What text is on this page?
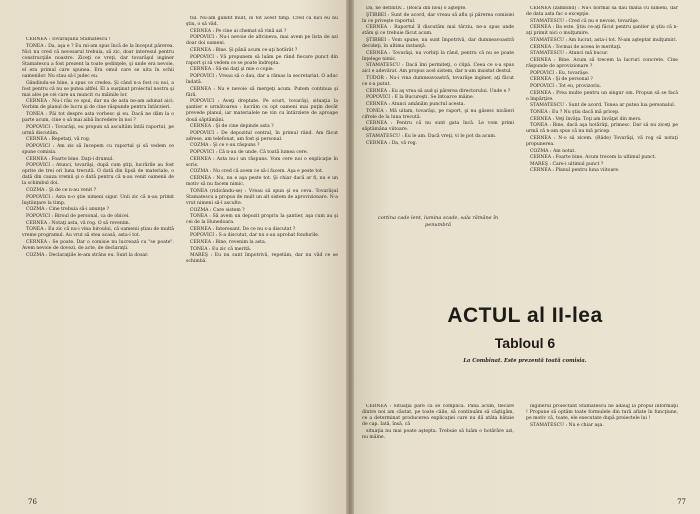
CERNEA : Tovarăşului Stamatescu !

TONEA : Da, aşa e ? Eu mi-am spus încă de la început părerea. Nici nu cred că necesarul trebuia, să zic, doar interesul pentru construcţiile noastre. Ziceţi ce vreţi, dar tovarăşul inginer Stamatescu a fost prezent la toate şedinţele, şi unde era nevoie, el era primul care spunea. Era omul care se uita în ochii oamenilor. Nu stau să-l judec eu.

Gândindu-se bine, a spus ce credea. Şi când n-a fost cu noi, a fost pentru că nu se putea altfel. El a susţinut proiectul nostru şi mai ales pe cei care au muncit cu mâinile lor.

CERNEA : Nu-i rău ce spui, dar nu de asta ne-am adunat aici. Vorbim de planul de lucru şi de cine răspunde pentru întârzieri.

TONEA : Păi tot despre asta vorbesc şi eu. Dacă ne dăm la o parte acum, cine o să mai aibă încredere în noi ?

POPOVICI : Tovarăşi, eu propun să ascultăm întâi raportul, pe urmă discutăm.

CERNEA : Repetaţi, vă rog.

POPOVICI : Am zis să începem cu raportul şi să vedem ce spune comisia.

CERNEA : Foarte bine. Daţi-i drumul.

POPOVICI : Atunci, tovarăşi, după cum ştiţi, lucrările au fost oprite de trei ori luna trecută. O dată din lipsă de materiale, o dată din cauza vremii şi o dată pentru că n-au venit oamenii de la schimbul doi.

COZMA : Şi de ce n-au venit ?

POPOVICI : Asta n-o ştie nimeni sigur. Unii zic că n-au primit înştiinţare la timp.

COZMA : Cine trebuia să-i anunţe ?

POPOVICI : Biroul de personal, ca de obicei.

CERNEA : Notaţi asta, vă rog. O să revenim.

TONEA : Eu zic că nu-i vina biroului, că oamenii ştiau de multă vreme programul. Au vrut să stea acasă, asta-i tot.

CERNEA : Se poate. Dar o comisie nu lucrează cu "se poate". Avem nevoie de dovezi, de acte, de declaraţii.

COZMA : Declaraţiile le-am strâns eu. Sunt la dosar.

tul. Nu-am gândit mult, în tot acest timp. Cred că nici eu nu ştiu, o să văd.

CERNEA : Pe cine ai chemat să vină azi ?

POPOVICI : Nu-i nevoie de altcineva, mai avem pe lista de azi doar doi oameni.

CERNEA : Bine. Şi până acum ce-aţi hotărât ?

POPOVICI : Vă propunem să luăm pe rând fiecare punct din raport şi să vedem ce se poate îndrepta.

CERNEA : Să-mi daţi şi mie o copie.

POPOVICI : Vreau să o dau, dar a rămas la secretariat. O aduc îndată.

CERNEA : Nu e nevoie să mergeţi acum. Putem continua şi fără.

POPOVICI : Aveţi dreptate. Pe scurt, tovarăşi, situaţia la şantier e următoarea : lucrăm cu opt oameni mai puţin decât prevede planul, iar materialele ne vin cu întârziere de aproape două săptămâni.

CERNEA : Şi de cine depinde asta ?

POPOVICI : De depozitul central, în primul rând. Am făcut adrese, am telefonat, am fost şi personal.

COZMA : Şi ce v-au răspuns ?

POPOVICI : Că n-au de unde. Că toată lumea cere.

CERNEA : Asta nu-i un răspuns. Vom cere noi o explicaţie în scris.

COZMA : Nu cred că avem ce să-i facem. Aşa e peste tot.

CERNEA : Nu, nu e aşa peste tot. Şi chiar dacă ar fi, nu e un motiv să nu facem nimic.

TONEA (ridicându-se) : Vreau să spun şi eu ceva. Tovarăşul Stamatescu a propus de mult un alt sistem de aprovizionare. N-a vrut nimeni să-l asculte.

COZMA : Care sistem ?

TONEA : Să avem un depozit propriu la şantier, aşa cum au şi cei de la Hunedoara.

CERNEA : Interesant. De ce nu s-a discutat ?

POPOVICI : S-a discutat, dar nu s-au aprobat fondurile.

CERNEA : Bine, revenim la asta.

TONEA : Eu zic că merită.

MAREŞ : Eu nu sunt împotrivă, repetăm, dar nu văd ce se schimbă.

76

Da, ne definitiv... (Boică din nou) o aştepte.

ŞTIRBEI : Sunt de acord, dar vreau să aflu şi părerea comisiei în ce priveşte raportul.

CERNEA : Raportul îl discutăm mai târziu, ne-a spus unde stăm şi ce trebuie făcut acum.

ŞTIRBEI : Vom spune, nu sunt împotrivă, dar dumneavoastră decideţi, în ultima instanţă.

CERNEA : Tovarăşi, nu vorbiţi la rând, pentru că nu se poate înţelege nimic.

STAMATESCU : Dacă îmi permiteţi, o clipă. Ceea ce s-a spus aici e adevărat. Am propus acel sistem, dar n-am insistat destul.

TUDOR : Nu-i vina dumneavoastră, tovarăşe inginer, aţi făcut ce s-a putut.

CERNEA : Eu aş vrea să aud şi părerea directorului. Unde e ?

POPOVICI : E la Bucureşti. Se întoarce mâine.

CERNEA : Atunci amânăm punctul acesta.

TONEA : Mă uitam, tovarăşi, pe raport, şi nu găsesc nicăieri cifrele de la luna trecută.

CERNEA : Pentru că nu sunt gata încă. Le vom primi săptămâna viitoare.

STAMATESCU : Eu le am. Dacă vreţi, vi le pot da acum.

CERNEA : Da, vă rog.

CERNEA (zâmbind) : Nu-i normal să dau mâna cu nimeni, dar de data asta fac o excepţie.

STAMATESCU : Cred că nu e nevoie, tovarăşe.

CERNEA : Ba este. Ştiu ce-aţi făcut pentru şantier şi ştiu că n-aţi primit nici o mulţumire.

STAMATESCU : Am lucrat, asta-i tot. N-am aşteptat mulţumiri.

CERNEA : Tocmai de aceea le meritaţi.

STAMATESCU : Atunci mă bucur.

CERNEA : Bine. Acum să trecem la lucruri concrete. Cine răspunde de aprovizionare ?

POPOVICI : Eu, tovarăşe.

CERNEA : Şi de personal ?

POPOVICI : Tot eu, provizoriu.

CERNEA : Prea multe pentru un singur om. Propun să se facă o împărţire.

STAMATESCU : Sunt de acord. Tonea ar putea lua personalul.

TONEA : Eu ? Nu ştiu dacă mă pricep.

CERNEA : Veţi învăţa. Toţi am învăţat din mers.

TONEA : Bine, dacă aşa hotărâţi, primesc. Dar să nu ziceţi pe urmă că n-am spus că nu mă pricep.

CERNEA : N-o să zicem. (Râde) Tovarăşi, vă rog să notaţi propunerea.

COZMA : Am notat.

CERNEA : Foarte bine. Acum trecem la ultimul punct.

MAREŞ : Care-i ultimul punct ?

CERNEA : Planul pentru luna viitoare.

cortina cade lent, lumina scade, sala rămâne în penumbră
ACTUL al II-lea
Tabloul 6
La Combinat. Este prezentă toată comisia.

CERNEA : Situaţia pare că se complică. Până acum, fiecare dintre noi am căutat, pe toate căile, să continuăm să câştigăm, ce a determinat producerea explicaţiei care nu dă atâta bătaie de cap. Iată, însă, că

situaţia nu mai poate aştepta. Trebuie să luăm o hotărâre azi, nu mâine.

inginerul proiectant Stamatescu ne adaug la propul informaţii ! Propune să optăm toate formulele din tură aflate în funcţiune, pe motiv că, toate, ele executate după proiectele lui !

STAMATESCU : Nu e chiar aşa.

77
